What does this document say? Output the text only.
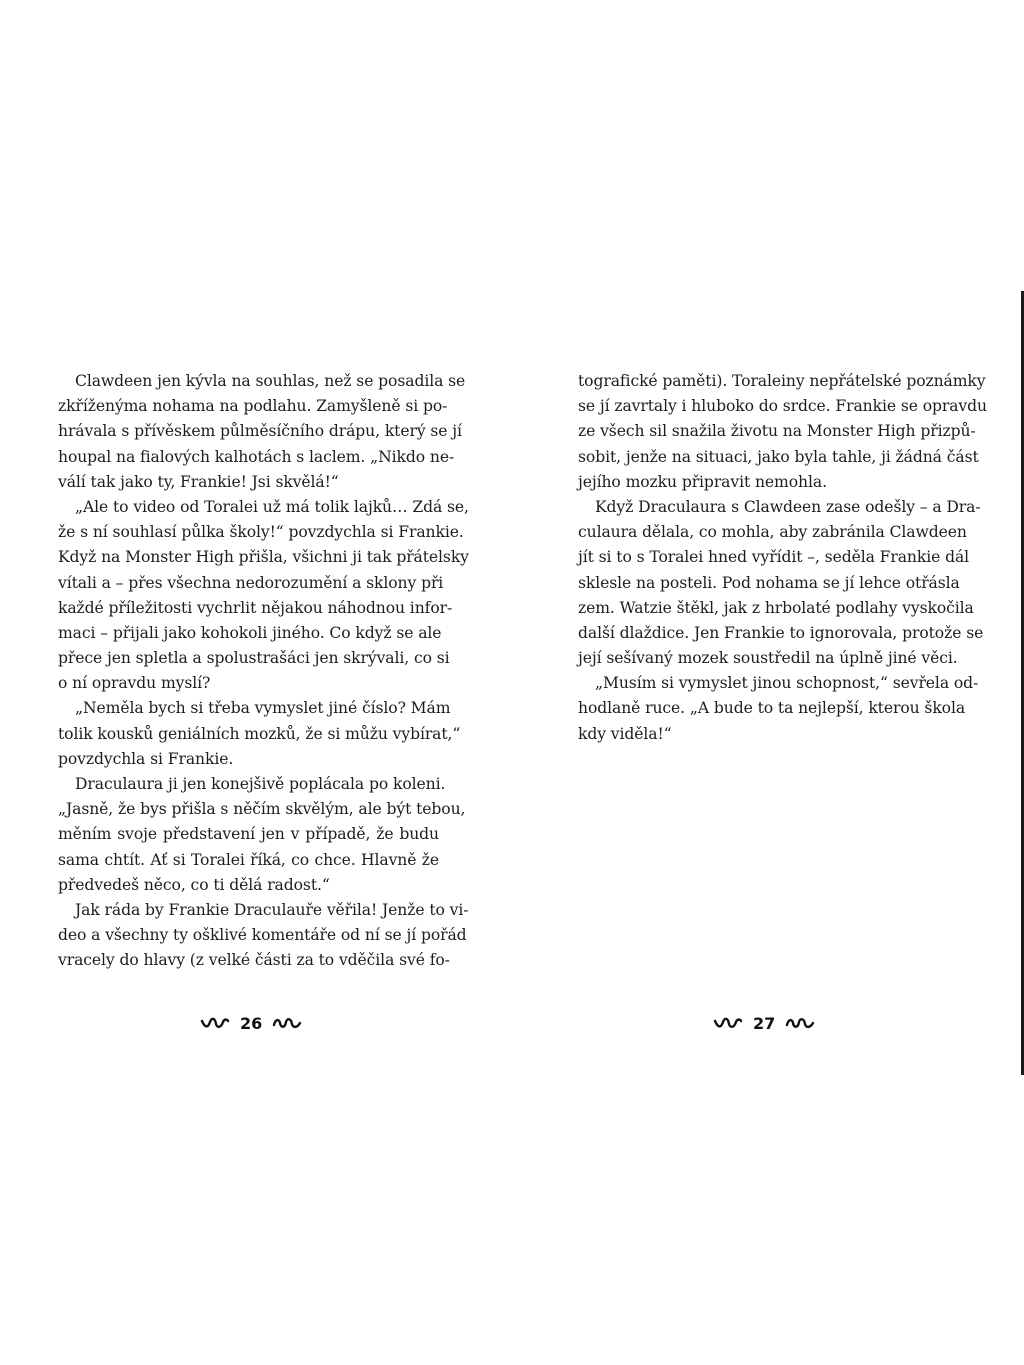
Clawdeen jen kývla na souhlas, než se posadila se
zkříženýma nohama na podlahu. Zamyšleně si po-
hrávala s přívěskem půlměsíčního drápu, který se jí
houpal na fialových kalhotách s laclem. „Nikdo ne-
válí tak jako ty, Frankie! Jsi skvělá!“
„Ale to video od Toralei už má tolik lajků… Zdá se,
že s ní souhlasí půlka školy!“ povzdychla si Frankie.
Když na Monster High přišla, všichni ji tak přátelsky
vítali a – přes všechna nedorozumění a sklony při
každé příležitosti vychrlit nějakou náhodnou infor-
maci – přijali jako kohokoli jiného. Co když se ale
přece jen spletla a spolustrašáci jen skrývali, co si
o ní opravdu myslí?
„Neměla bych si třeba vymyslet jiné číslo? Mám
tolik kousků geniálních mozků, že si můžu vybírat,“
povzdychla si Frankie.
Draculaura ji jen konejšivě poplácala po koleni.
„Jasně, že bys přišla s něčím skvělým, ale být tebou,
měním svoje představení jen v případě, že budu
sama chtít. Ať si Toralei říká, co chce. Hlavně že
předvedeš něco, co ti dělá radost.“
Jak ráda by Frankie Draculauře věřila! Jenže to vi-
deo a všechny ty ošklivé komentáře od ní se jí pořád
vracely do hlavy (z velké části za to vděčila své fo-
26
tografické paměti). Toraleiny nepřátelské poznámky
se jí zavrtaly i hluboko do srdce. Frankie se opravdu
ze všech sil snažila životu na Monster High přizpů-
sobit, jenže na situaci, jako byla tahle, ji žádná část
jejího mozku připravit nemohla.
Když Draculaura s Clawdeen zase odešly – a Dra-
culaura dělala, co mohla, aby zabránila Clawdeen
jít si to s Toralei hned vyřídit –, seděla Frankie dál
sklesle na posteli. Pod nohama se jí lehce otřásla
zem. Watzie štěkl, jak z hrbolaté podlahy vyskočila
další dlaždice. Jen Frankie to ignorovala, protože se
její sešívaný mozek soustředil na úplně jiné věci.
„Musím si vymyslet jinou schopnost,“ sevřela od-
hodlaně ruce. „A bude to ta nejlepší, kterou škola
kdy viděla!“
27
